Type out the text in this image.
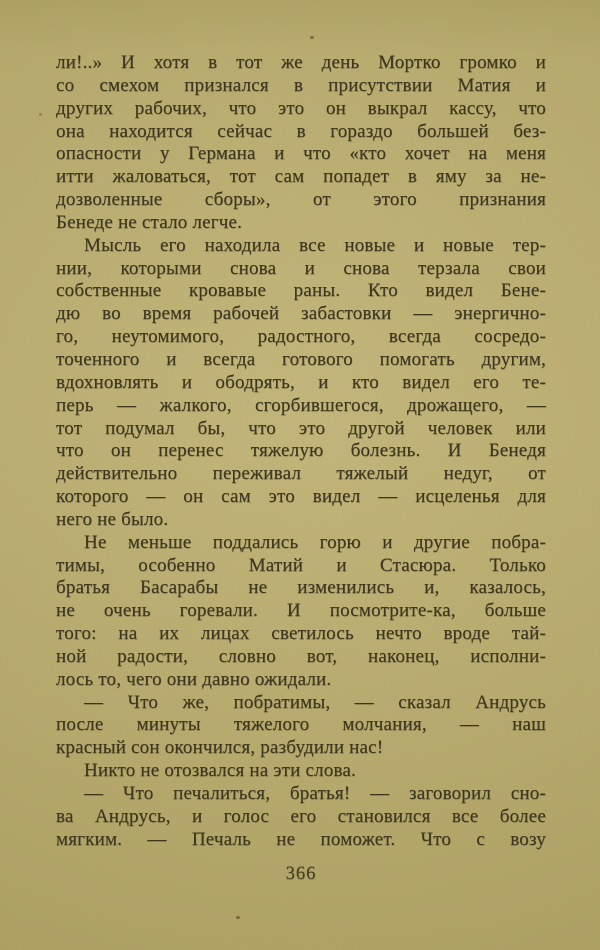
ли!..» И хотя в тот же день Мортко громко и
со смехом признался в присутствии Матия и
других рабочих, что это он выкрал кассу, что
она находится сейчас в гораздо большей без-
опасности у Германа и что «кто хочет на меня
итти жаловаться, тот сам попадет в яму за не-
дозволенные сборы», от этого признания
Бенеде не стало легче.
Мысль его находила все новые и новые тер-
нии, которыми снова и снова терзала свои
собственные кровавые раны. Кто видел Бене-
дю во время рабочей забастовки — энергично-
го, неутомимого, радостного, всегда сосредо-
точенного и всегда готового помогать другим,
вдохновлять и ободрять, и кто видел его те-
перь — жалкого, сгорбившегося, дрожащего, —
тот подумал бы, что это другой человек или
что он перенес тяжелую болезнь. И Бенедя
действительно переживал тяжелый недуг, от
которого — он сам это видел — исцеленья для
него не было.
Не меньше поддались горю и другие побра-
тимы, особенно Матий и Стасюра. Только
братья Басарабы не изменились и, казалось,
не очень горевали. И посмотрите-ка, больше
того: на их лицах светилось нечто вроде тай-
ной радости, словно вот, наконец, исполни-
лось то, чего они давно ожидали.
— Что же, побратимы, — сказал Андрусь
после минуты тяжелого молчания, — наш
красный сон окончился, разбудили нас!
Никто не отозвался на эти слова.
— Что печалиться, братья! — заговорил сно-
ва Андрусь, и голос его становился все более
мягким. — Печаль не поможет. Что с возу
366
